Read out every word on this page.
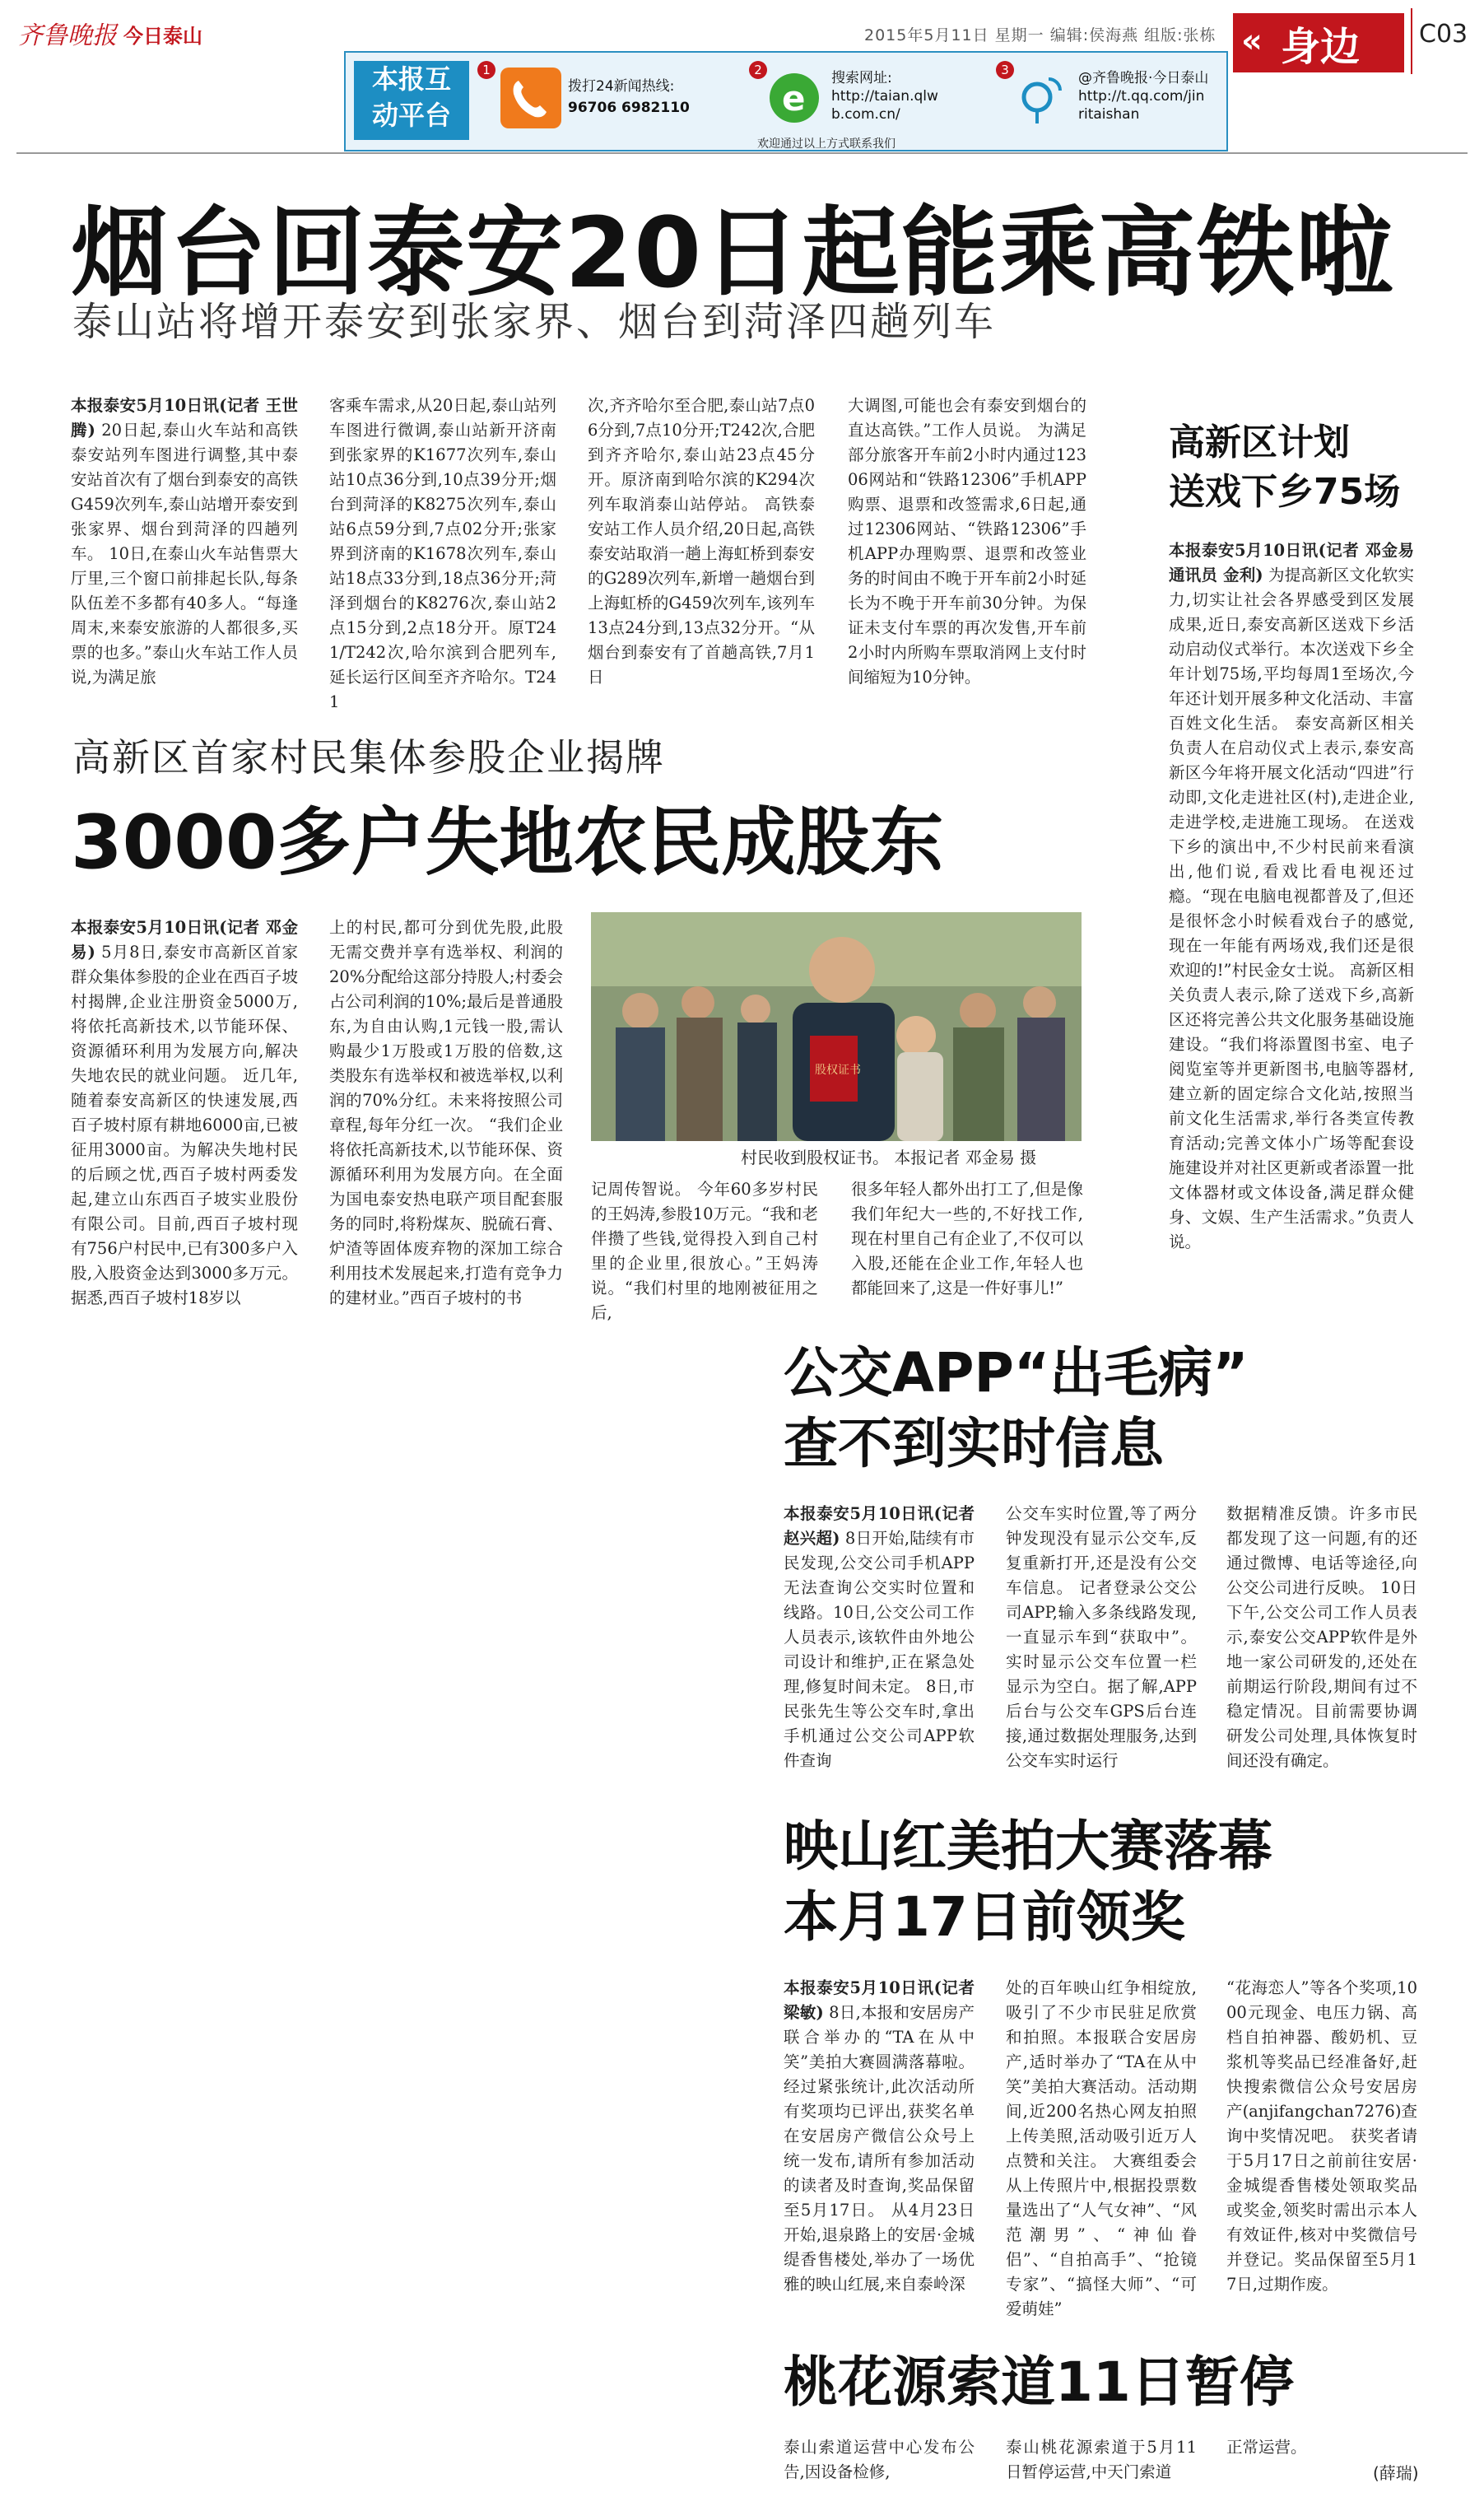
齐鲁晚报 今日泰山	2015年5月11日 星期一 编辑:侯海燕 组版:张栋 « 身边 C03
本报互
动平台
1
拨打24新闻热线:
96706 6982110
2
e 搜索网址:
http://taian.qlw
b.com.cn/
3	@齐鲁晚报·今日泰山
http://t.qq.com/jin
ritaishan
欢迎通过以上方式联系我们
烟台回泰安20日起能乘高铁啦
泰山站将增开泰安到张家界、烟台到菏泽四趟列车
本报泰安5月10日讯(记者 王世腾) 20日起,泰山火车站和高铁泰安站列车图进行调整,其中泰安站首次有了烟台到泰安的高铁G459次列车,泰山站增开泰安到张家界、烟台到菏泽的四趟列车。 10日,在泰山火车站售票大厅里,三个窗口前排起长队,每条队伍差不多都有40多人。“每逢周末,来泰安旅游的人都很多,买票的也多。”泰山火车站工作人员说,为满足旅
客乘车需求,从20日起,泰山站列车图进行微调,泰山站新开济南到张家界的K1677次列车,泰山站10点36分到,10点39分开;烟台到菏泽的K8275次列车,泰山站6点59分到,7点02分开;张家界到济南的K1678次列车,泰山站18点33分到,18点36分开;菏泽到烟台的K8276次,泰山站2点15分到,2点18分开。原T241/T242次,哈尔滨到合肥列车,延长运行区间至齐齐哈尔。T241
次,齐齐哈尔至合肥,泰山站7点06分到,7点10分开;T242次,合肥到齐齐哈尔,泰山站23点45分开。原济南到哈尔滨的K294次列车取消泰山站停站。 高铁泰安站工作人员介绍,20日起,高铁泰安站取消一趟上海虹桥到泰安的G289次列车,新增一趟烟台到上海虹桥的G459次列车,该列车13点24分到,13点32分开。“从烟台到泰安有了首趟高铁,7月1日
大调图,可能也会有泰安到烟台的直达高铁。”工作人员说。 为满足部分旅客开车前2小时内通过12306网站和“铁路12306”手机APP购票、退票和改签需求,6日起,通过12306网站、“铁路12306”手机APP办理购票、退票和改签业务的时间由不晚于开车前2小时延长为不晚于开车前30分钟。为保证未支付车票的再次发售,开车前2小时内所购车票取消网上支付时间缩短为10分钟。
高新区首家村民集体参股企业揭牌
3000多户失地农民成股东
本报泰安5月10日讯(记者 邓金易) 5月8日,泰安市高新区首家群众集体参股的企业在西百子坡村揭牌,企业注册资金5000万,将依托高新技术,以节能环保、资源循环利用为发展方向,解决失地农民的就业问题。 近几年,随着泰安高新区的快速发展,西百子坡村原有耕地6000亩,已被征用3000亩。为解决失地村民的后顾之忧,西百子坡村两委发起,建立山东西百子坡实业股份有限公司。目前,西百子坡村现有756户村民中,已有300多户入股,入股资金达到3000多万元。 据悉,西百子坡村18岁以
上的村民,都可分到优先股,此股无需交费并享有选举权、利润的20%分配给这部分持股人;村委会占公司利润的10%;最后是普通股东,为自由认购,1元钱一股,需认购最少1万股或1万股的倍数,这类股东有选举权和被选举权,以利润的70%分红。未来将按照公司章程,每年分红一次。 “我们企业将依托高新技术,以节能环保、资源循环利用为发展方向。在全面为国电泰安热电联产项目配套服务的同时,将粉煤灰、脱硫石膏、炉渣等固体废弃物的深加工综合利用技术发展起来,打造有竞争力的建材业。”西百子坡村的书
股权证书
村民收到股权证书。 本报记者 邓金易 摄
记周传智说。 今年60多岁村民的王妈涛,参股10万元。“我和老伴攒了些钱,觉得投入到自己村里的企业里,很放心。”王妈涛说。“我们村里的地刚被征用之后,
很多年轻人都外出打工了,但是像我们年纪大一些的,不好找工作,现在村里自己有企业了,不仅可以入股,还能在企业工作,年轻人也都能回来了,这是一件好事儿!”
高新区计划
送戏下乡75场
本报泰安5月10日讯(记者 邓金易 通讯员 金利) 为提高新区文化软实力,切实让社会各界感受到区发展成果,近日,泰安高新区送戏下乡活动启动仪式举行。本次送戏下乡全年计划75场,平均每周1至场次,今年还计划开展多种文化活动、丰富百姓文化生活。 泰安高新区相关负责人在启动仪式上表示,泰安高新区今年将开展文化活动“四进”行动即,文化走进社区(村),走进企业,走进学校,走进施工现场。 在送戏下乡的演出中,不少村民前来看演出,他们说,看戏比看电视还过瘾。“现在电脑电视都普及了,但还是很怀念小时候看戏台子的感觉,现在一年能有两场戏,我们还是很欢迎的!”村民金女士说。 高新区相关负责人表示,除了送戏下乡,高新区还将完善公共文化服务基础设施建设。“我们将添置图书室、电子阅览室等并更新图书,电脑等器材,建立新的固定综合文化站,按照当前文化生活需求,举行各类宣传教育活动;完善文体小广场等配套设施建设并对社区更新或者添置一批文体器材或文体设备,满足群众健身、文娱、生产生活需求。”负责人说。
公交APP“出毛病”
查不到实时信息
本报泰安5月10日讯(记者 赵兴超) 8日开始,陆续有市民发现,公交公司手机APP无法查询公交实时位置和线路。10日,公交公司工作人员表示,该软件由外地公司设计和维护,正在紧急处理,修复时间未定。 8日,市民张先生等公交车时,拿出手机通过公交公司APP软件查询
公交车实时位置,等了两分钟发现没有显示公交车,反复重新打开,还是没有公交车信息。 记者登录公交公司APP,输入多条线路发现,一直显示车到“获取中”。实时显示公交车位置一栏显示为空白。据了解,APP后台与公交车GPS后台连接,通过数据处理服务,达到公交车实时运行
数据精准反馈。许多市民都发现了这一问题,有的还通过微博、电话等途径,向公交公司进行反映。 10日下午,公交公司工作人员表示,泰安公交APP软件是外地一家公司研发的,还处在前期运行阶段,期间有过不稳定情况。目前需要协调研发公司处理,具体恢复时间还没有确定。
映山红美拍大赛落幕
本月17日前领奖
本报泰安5月10日讯(记者 梁敏) 8日,本报和安居房产联合举办的“TA在从中笑”美拍大赛圆满落幕啦。经过紧张统计,此次活动所有奖项均已评出,获奖名单在安居房产微信公众号上统一发布,请所有参加活动的读者及时查询,奖品保留至5月17日。 从4月23日开始,退泉路上的安居·金城缇香售楼处,举办了一场优雅的映山红展,来自泰岭深
处的百年映山红争相绽放,吸引了不少市民驻足欣赏和拍照。本报联合安居房产,适时举办了“TA在从中笑”美拍大赛活动。活动期间,近200名热心网友拍照上传美照,活动吸引近万人点赞和关注。 大赛组委会从上传照片中,根据投票数量选出了“人气女神”、“风范潮男”、“神仙眷侣”、“自拍高手”、“抢镜专家”、“搞怪大师”、“可爱萌娃”
“花海恋人”等各个奖项,1000元现金、电压力锅、高档自拍神器、酸奶机、豆浆机等奖品已经准备好,赶快搜索微信公众号安居房产(anjifangchan7276)查询中奖情况吧。 获奖者请于5月17日之前前往安居·金城缇香售楼处领取奖品或奖金,领奖时需出示本人有效证件,核对中奖微信号并登记。奖品保留至5月17日,过期作废。
桃花源索道11日暂停
泰山索道运营中心发布公告,因设备检修,
泰山桃花源索道于5月11日暂停运营,中天门索道
正常运营。
(薛瑞)
